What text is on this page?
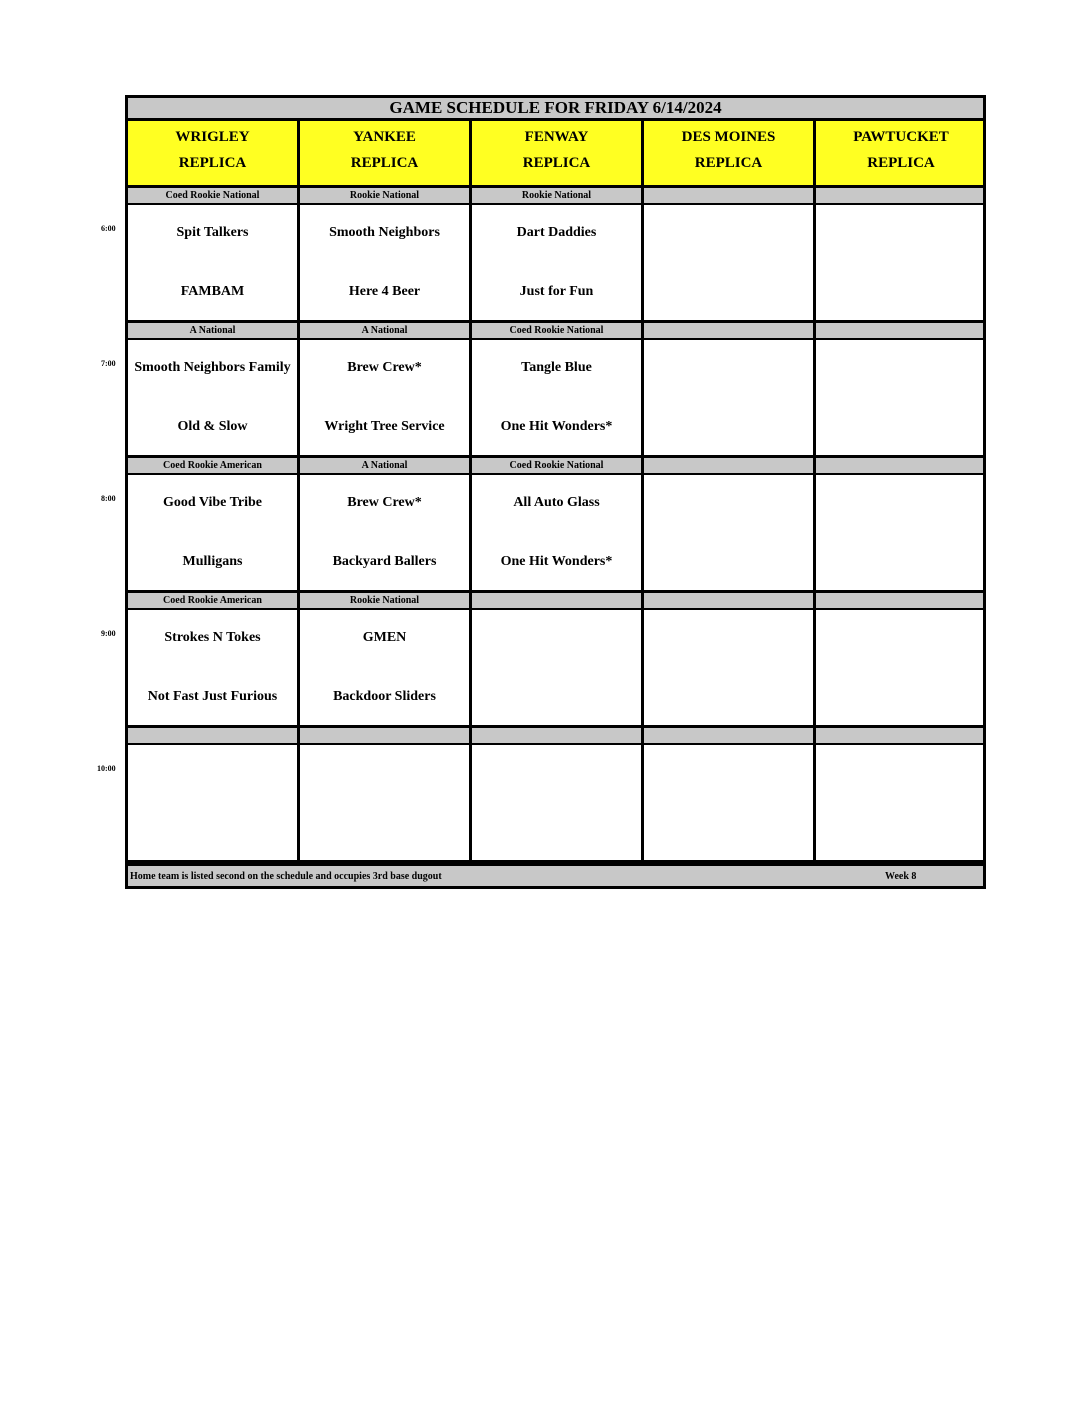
GAME SCHEDULE FOR FRIDAY 6/14/2024
WRIGLEY
REPLICA
YANKEE
REPLICA
FENWAY
REPLICA
DES MOINES
REPLICA
PAWTUCKET
REPLICA
Coed Rookie National
Spit Talkers
FAMBAM
Rookie National
Smooth Neighbors
Here 4 Beer
Rookie National
Dart Daddies
Just for Fun
A National
Smooth Neighbors Family
Old & Slow
A National
Brew Crew*
Wright Tree Service
Coed Rookie National
Tangle Blue
One Hit Wonders*
Coed Rookie American
Good Vibe Tribe
Mulligans
A National
Brew Crew*
Backyard Ballers
Coed Rookie National
All Auto Glass
One Hit Wonders*
Coed Rookie American
Strokes N Tokes
Not Fast Just Furious
Rookie National
GMEN
Backdoor Sliders
Home team is listed second on the schedule and occupies 3rd base dugout	Week 8
6:00
7:00
8:00
9:00
10:00
